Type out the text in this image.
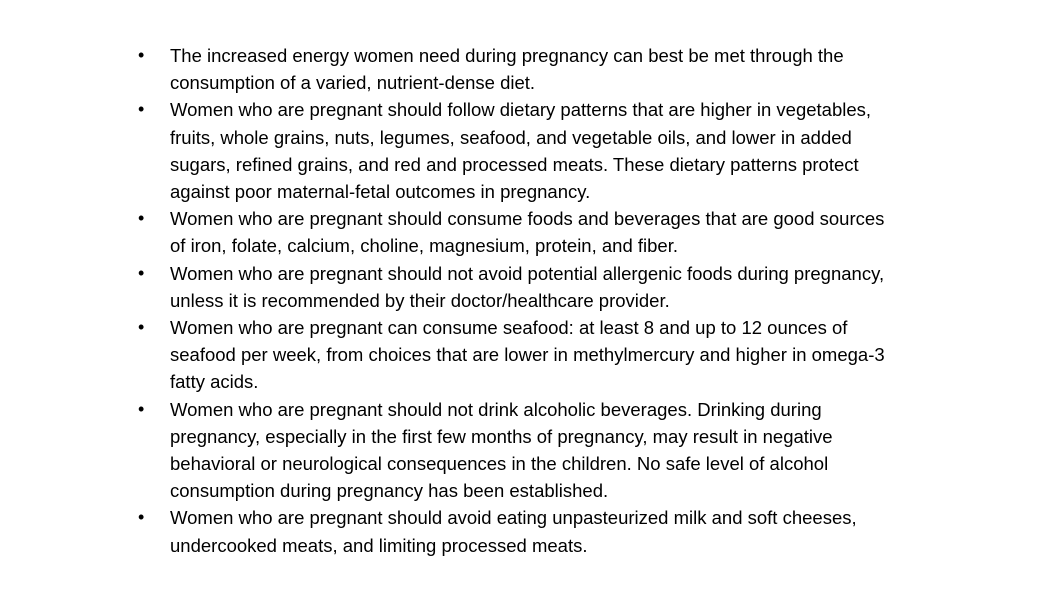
• The increased energy women need during pregnancy can best be met through the consumption of a varied, nutrient-dense diet.
• Women who are pregnant should follow dietary patterns that are higher in vegetables, fruits, whole grains, nuts, legumes, seafood, and vegetable oils, and lower in added sugars, refined grains, and red and processed meats. These dietary patterns protect against poor maternal-fetal outcomes in pregnancy.
• Women who are pregnant should consume foods and beverages that are good sources of iron, folate, calcium, choline, magnesium, protein, and fiber.
• Women who are pregnant should not avoid potential allergenic foods during pregnancy, unless it is recommended by their doctor/healthcare provider.
• Women who are pregnant can consume seafood: at least 8 and up to 12 ounces of seafood per week, from choices that are lower in methylmercury and higher in omega-3 fatty acids.
• Women who are pregnant should not drink alcoholic beverages. Drinking during pregnancy, especially in the first few months of pregnancy, may result in negative behavioral or neurological consequences in the children. No safe level of alcohol consumption during pregnancy has been established.
• Women who are pregnant should avoid eating unpasteurized milk and soft cheeses, undercooked meats, and limiting processed meats.
